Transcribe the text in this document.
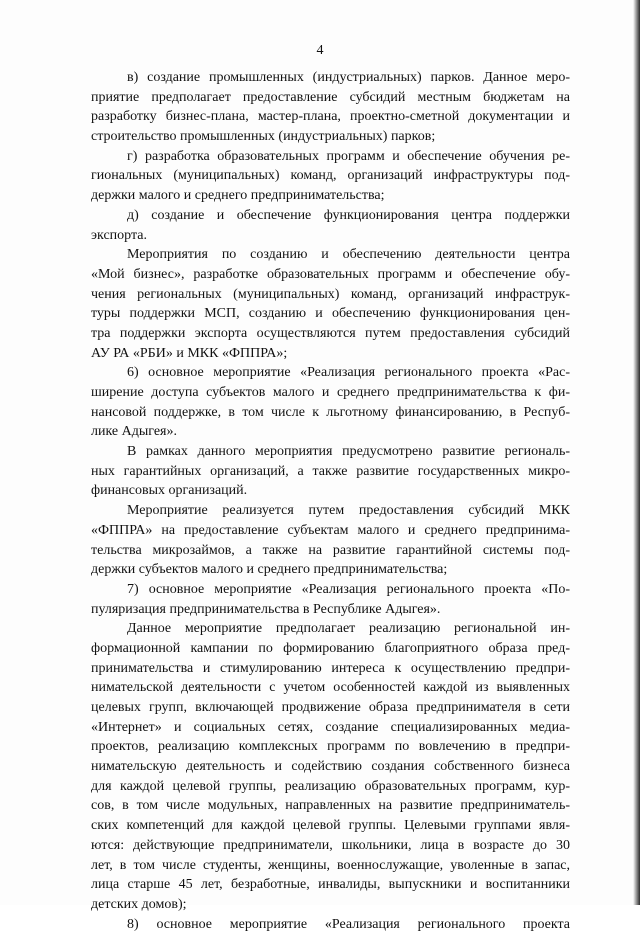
4
в) создание промышленных (индустриальных) парков. Данное меро-
приятие предполагает предоставление субсидий местным бюджетам на
разработку бизнес-плана, мастер-плана, проектно-сметной документации и
строительство промышленных (индустриальных) парков;
г) разработка образовательных программ и обеспечение обучения ре-
гиональных (муниципальных) команд, организаций инфраструктуры под-
держки малого и среднего предпринимательства;
д) создание и обеспечение функционирования центра поддержки
экспорта.
Мероприятия по созданию и обеспечению деятельности центра
«Мой бизнес», разработке образовательных программ и обеспечение обу-
чения региональных (муниципальных) команд, организаций инфраструк-
туры поддержки МСП, созданию и обеспечению функционирования цен-
тра поддержки экспорта осуществляются путем предоставления субсидий
АУ РА «РБИ» и МКК «ФППРА»;
6) основное мероприятие «Реализация регионального проекта «Рас-
ширение доступа субъектов малого и среднего предпринимательства к фи-
нансовой поддержке, в том числе к льготному финансированию, в Респуб-
лике Адыгея».
В рамках данного мероприятия предусмотрено развитие региональ-
ных гарантийных организаций, а также развитие государственных микро-
финансовых организаций.
Мероприятие реализуется путем предоставления субсидий МКК
«ФППРА» на предоставление субъектам малого и среднего предпринима-
тельства микрозаймов, а также на развитие гарантийной системы под-
держки субъектов малого и среднего предпринимательства;
7) основное мероприятие «Реализация регионального проекта «По-
пуляризация предпринимательства в Республике Адыгея».
Данное мероприятие предполагает реализацию региональной ин-
формационной кампании по формированию благоприятного образа пред-
принимательства и стимулированию интереса к осуществлению предпри-
нимательской деятельности с учетом особенностей каждой из выявленных
целевых групп, включающей продвижение образа предпринимателя в сети
«Интернет» и социальных сетях, создание специализированных медиа-
проектов, реализацию комплексных программ по вовлечению в предпри-
нимательскую деятельность и содействию создания собственного бизнеса
для каждой целевой группы, реализацию образовательных программ, кур-
сов, в том числе модульных, направленных на развитие предприниматель-
ских компетенций для каждой целевой группы. Целевыми группами явля-
ются: действующие предприниматели, школьники, лица в возрасте до 30
лет, в том числе студенты, женщины, военнослужащие, уволенные в запас,
лица старше 45 лет, безработные, инвалиды, выпускники и воспитанники
детских домов);
8) основное мероприятие «Реализация регионального проекта
